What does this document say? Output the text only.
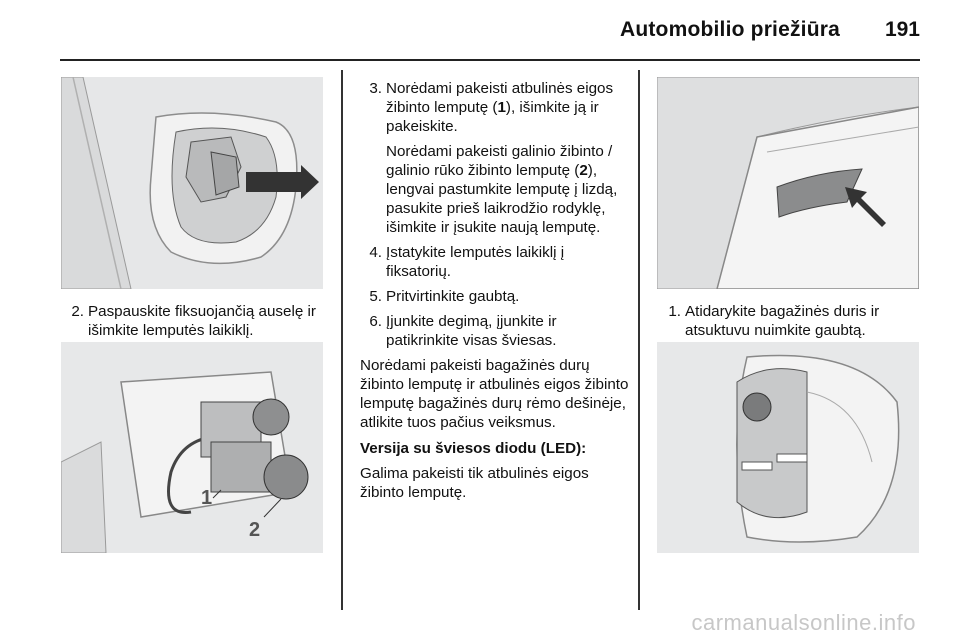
Automobilio priežiūra 191
2. Paspauskite fiksuojančią auselę ir išimkite lemputės laikiklį.

1
2
3. Norėdami pakeisti atbulinės eigos žibinto lemputę (1), išimkite ją ir pakeiskite.

Norėdami pakeisti galinio žibinto / galinio rūko žibinto lemputę (2), lengvai pastumkite lemputę į lizdą, pasukite prieš laikrodžio rodyklę, išimkite ir įsukite naują lemputę.

4. Įstatykite lemputės laikiklį į fiksatorių.

5. Pritvirtinkite gaubtą.

6. Įjunkite degimą, įjunkite ir patikrinkite visas šviesas.

Norėdami pakeisti bagažinės durų žibinto lemputę ir atbulinės eigos žibinto lemputę bagažinės durų rėmo dešinėje, atlikite tuos pačius veiksmus.

Versija su šviesos diodu (LED):

Galima pakeisti tik atbulinės eigos žibinto lemputę.

1. Atidarykite bagažinės duris ir atsuktuvu nuimkite gaubtą.

carmanualsonline.info
